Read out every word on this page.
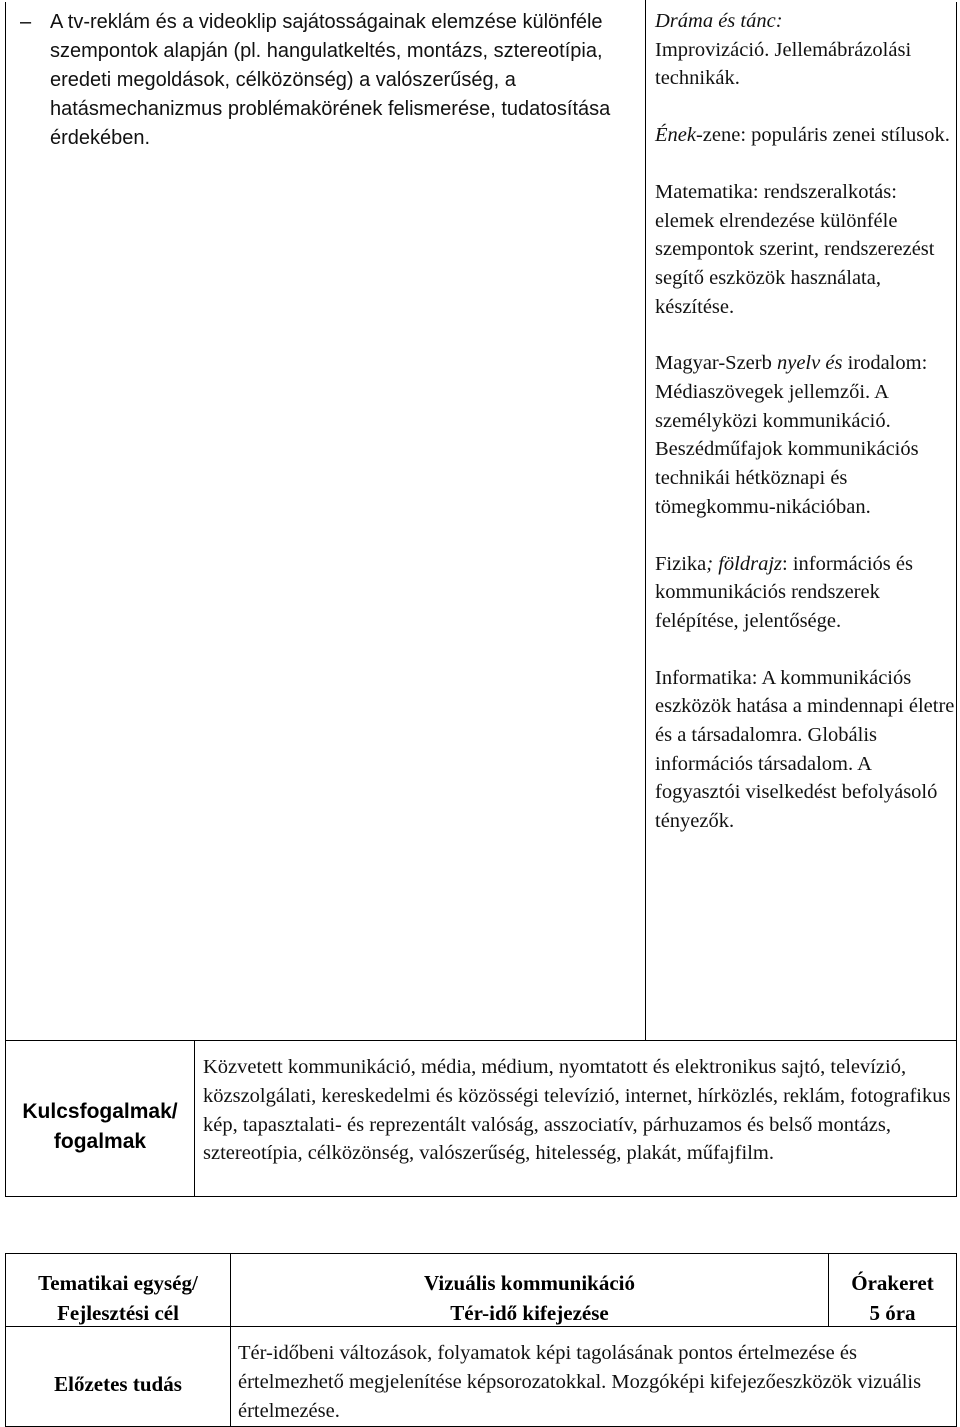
– A tv-reklám és a videoklip sajátosságainak elemzése különféle szempontok alapján (pl. hangulatkeltés, montázs, sztereotípia, eredeti megoldások, célközönség) a valószerűség, a hatásmechanizmus problémakörének felismerése, tudatosítása érdekében.

Dráma és tánc:
Improvizáció. Jellemábrázolási technikák.

Ének-zene: populáris zenei stílusok.

Matematika: rendszeralkotás: elemek elrendezése különféle szempontok szerint, rendszerezést segítő eszközök használata, készítése.

Magyar-Szerb nyelv és irodalom: Médiaszövegek jellemzői. A személyközi kommunikáció. Beszédműfajok kommunikációs technikái hétköznapi és tömegkommu-nikációban.

Fizika; földrajz: információs és kommunikációs rendszerek felépítése, jelentősége.

Informatika: A kommunikációs eszközök hatása a mindennapi életre és a társadalomra. Globális információs társadalom. A fogyasztói viselkedést befolyásoló tényezők.

Kulcsfogalmak/
fogalmak
Közvetett kommunikáció, média, médium, nyomtatott és elektronikus sajtó, televízió, közszolgálati, kereskedelmi és közösségi televízió, internet, hírközlés, reklám, fotografikus kép, tapasztalati- és reprezentált valóság, asszociatív, párhuzamos és belső montázs, sztereotípia, célközönség, valószerűség, hitelesség, plakát, műfajfilm.
Tematikai egység/
Fejlesztési cél
Vizuális kommunikáció
Tér-idő kifejezése
Órakeret
5 óra
Előzetes tudás
Tér-időbeni változások, folyamatok képi tagolásának pontos értelmezése és értelmezhető megjelenítése képsorozatokkal. Mozgóképi kifejezőeszközök vizuális értelmezése.
